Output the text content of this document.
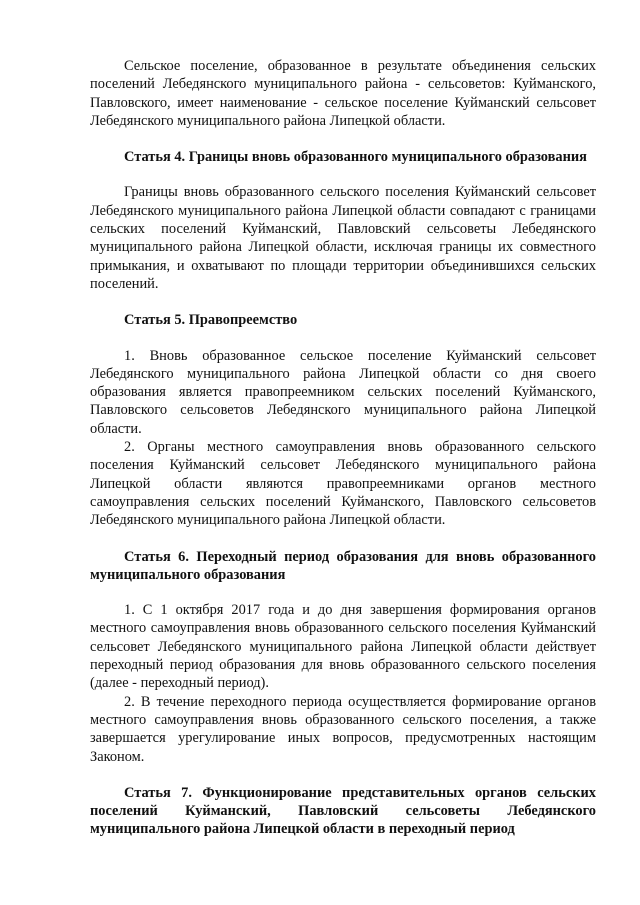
Сельское поселение, образованное в результате объединения сельских поселений Лебедянского муниципального района - сельсоветов: Куйманского, Павловского, имеет наименование - сельское поселение Куйманский сельсовет Лебедянского муниципального района Липецкой области.

Статья 4. Границы вновь образованного муниципального образования

Границы вновь образованного сельского поселения Куйманский сельсовет Лебедянского муниципального района Липецкой области совпадают с границами сельских поселений Куйманский, Павловский сельсоветы Лебедянского муниципального района Липецкой области, исключая границы их совместного примыкания, и охватывают по площади территории объединившихся сельских поселений.

Статья 5. Правопреемство

1. Вновь образованное сельское поселение Куйманский сельсовет Лебедянского муниципального района Липецкой области со дня своего образования является правопреемником сельских поселений Куйманского, Павловского сельсоветов Лебедянского муниципального района Липецкой области.

2. Органы местного самоуправления вновь образованного сельского поселения Куйманский сельсовет Лебедянского муниципального района Липецкой области являются правопреемниками органов местного самоуправления сельских поселений Куйманского, Павловского сельсоветов Лебедянского муниципального района Липецкой области.

Статья 6. Переходный период образования для вновь образованного муниципального образования

1. С 1 октября 2017 года и до дня завершения формирования органов местного самоуправления вновь образованного сельского поселения Куйманский сельсовет Лебедянского муниципального района Липецкой области действует переходный период образования для вновь образованного сельского поселения (далее - переходный период).

2. В течение переходного периода осуществляется формирование органов местного самоуправления вновь образованного сельского поселения, а также завершается урегулирование иных вопросов, предусмотренных настоящим Законом.

Статья 7. Функционирование представительных органов сельских поселений Куйманский, Павловский сельсоветы Лебедянского муниципального района Липецкой области в переходный период
